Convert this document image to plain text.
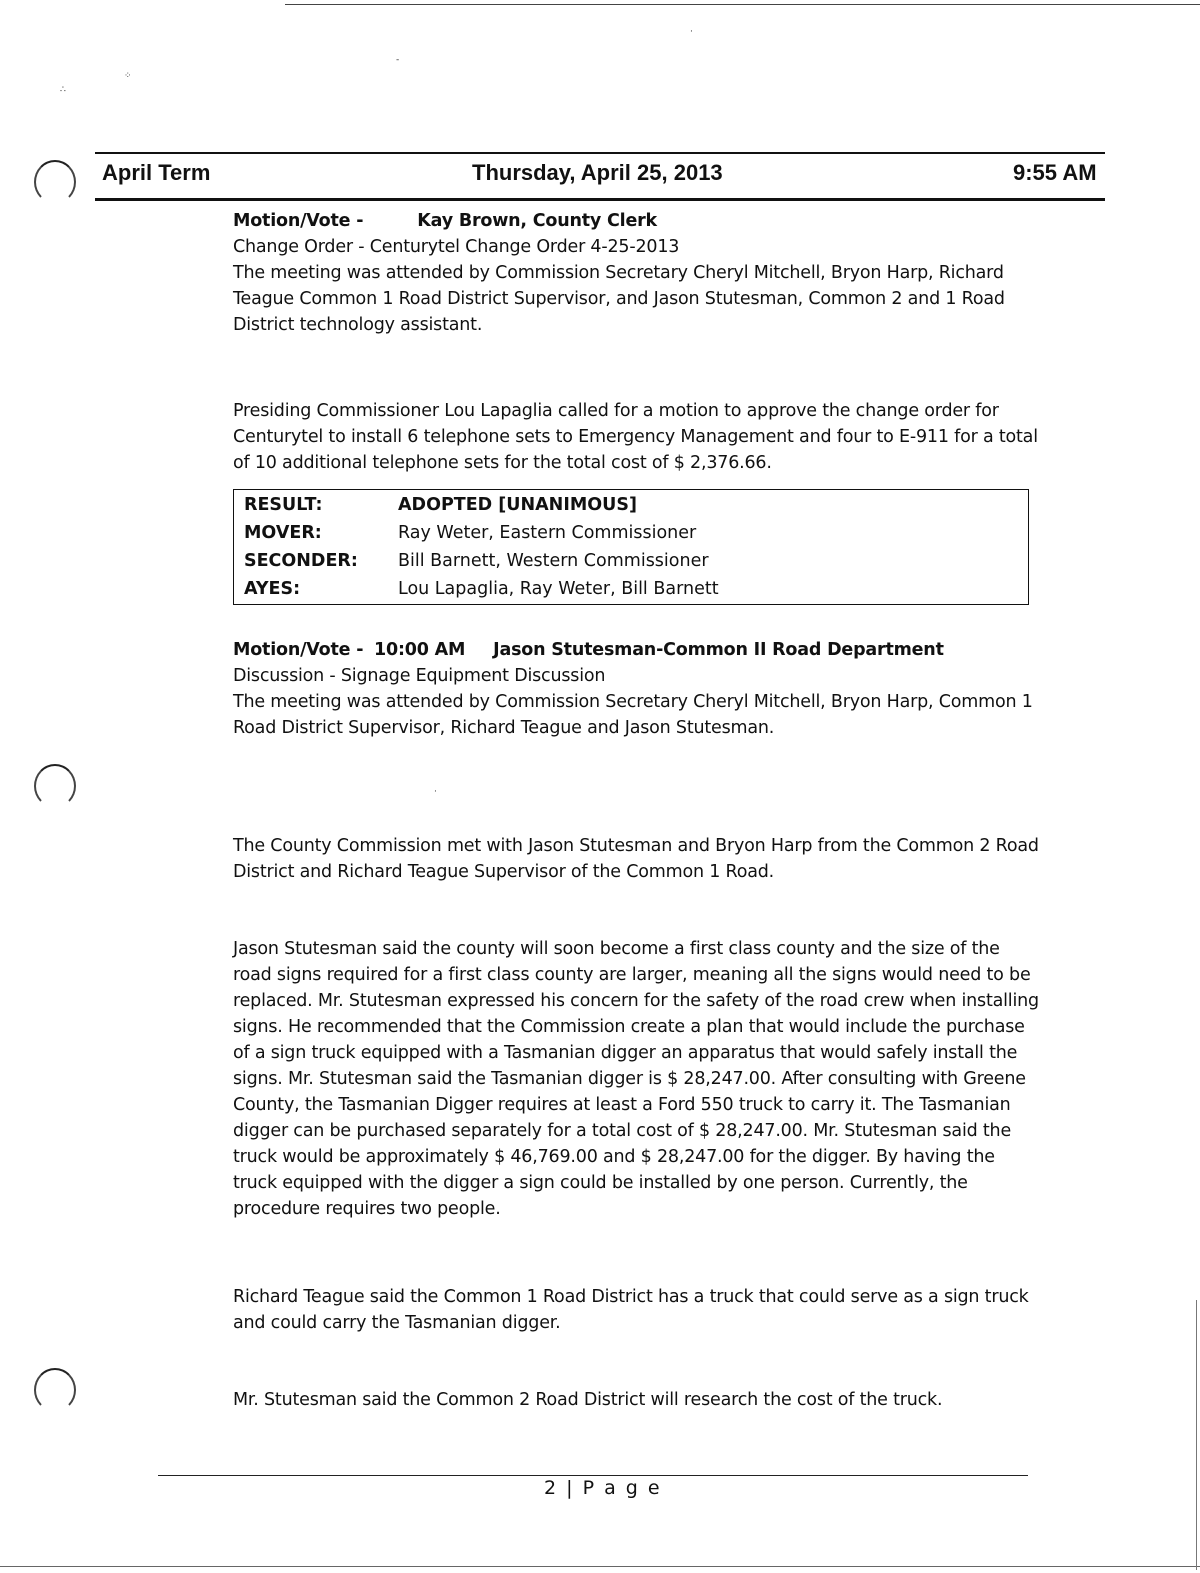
⁘
∴
-
·
·
April Term	Thursday, April 25, 2013	9:55 AM

Motion/Vote -	Kay Brown, County Clerk

Change Order - Centurytel Change Order 4-25-2013

The meeting was attended by Commission Secretary Cheryl Mitchell, Bryon Harp, Richard Teague Common 1 Road District Supervisor, and Jason Stutesman, Common 2 and 1 Road District technology assistant.

Presiding Commissioner Lou Lapaglia called for a motion to approve the change order for Centurytel to install 6 telephone sets to Emergency Management and four to E-911 for a total of 10 additional telephone sets for the total cost of $ 2,376.66.

RESULT:	ADOPTED [UNANIMOUS]
MOVER:	Ray Weter, Eastern Commissioner
SECONDER: Bill Barnett, Western Commissioner
AYES:	Lou Lapaglia, Ray Weter, Bill Barnett

Motion/Vote - 10:00 AM Jason Stutesman-Common II Road Department

Discussion - Signage Equipment Discussion

The meeting was attended by Commission Secretary Cheryl Mitchell, Bryon Harp, Common 1 Road District Supervisor, Richard Teague and Jason Stutesman.

The County Commission met with Jason Stutesman and Bryon Harp from the Common 2 Road District and Richard Teague Supervisor of the Common 1 Road.

Jason Stutesman said the county will soon become a first class county and the size of the road signs required for a first class county are larger, meaning all the signs would need to be replaced. Mr. Stutesman expressed his concern for the safety of the road crew when installing signs. He recommended that the Commission create a plan that would include the purchase of a sign truck equipped with a Tasmanian digger an apparatus that would safely install the signs. Mr. Stutesman said the Tasmanian digger is $ 28,247.00. After consulting with Greene County, the Tasmanian Digger requires at least a Ford 550 truck to carry it. The Tasmanian digger can be purchased separately for a total cost of $ 28,247.00. Mr. Stutesman said the truck would be approximately $ 46,769.00 and $ 28,247.00 for the digger. By having the truck equipped with the digger a sign could be installed by one person. Currently, the procedure requires two people.

Richard Teague said the Common 1 Road District has a truck that could serve as a sign truck and could carry the Tasmanian digger.

Mr. Stutesman said the Common 2 Road District will research the cost of the truck.

2 | P a g e
